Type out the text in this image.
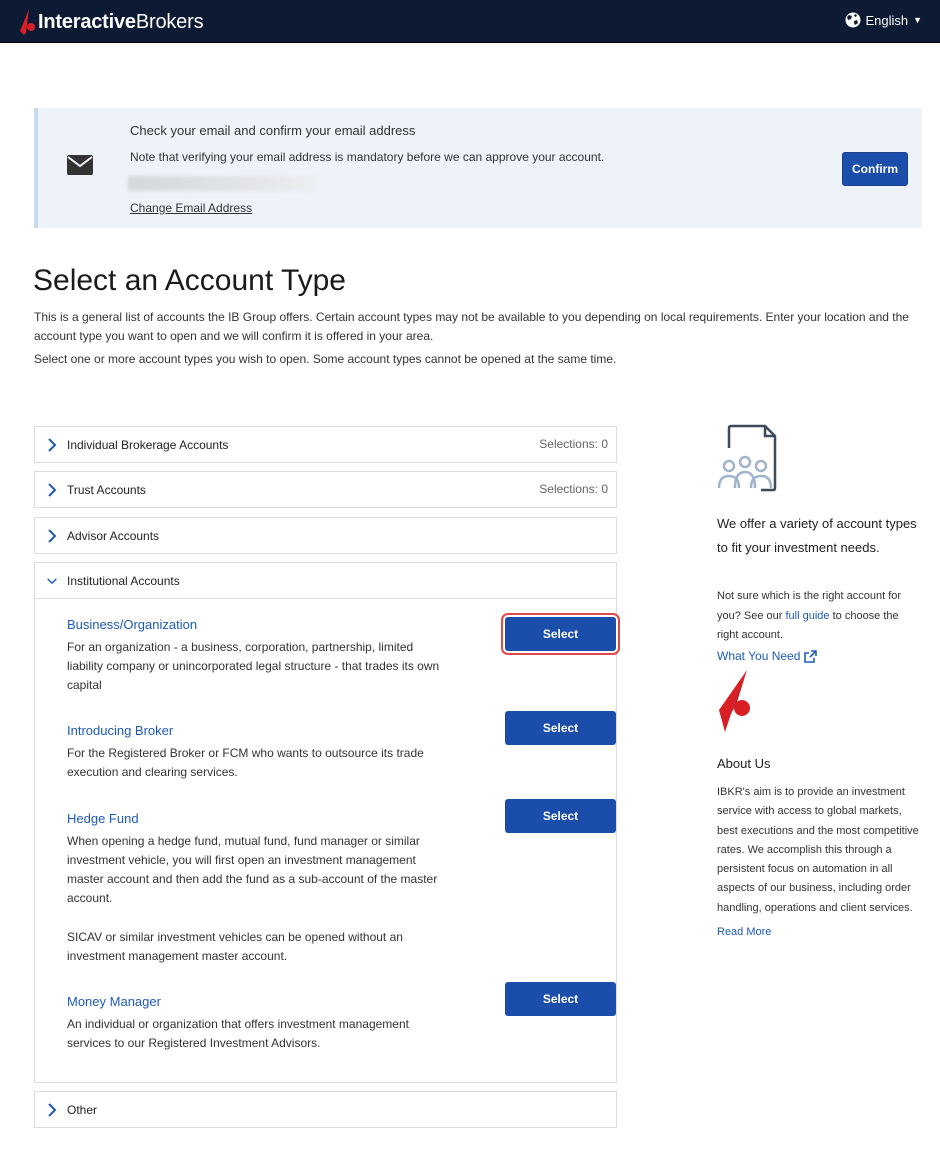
InteractiveBrokers	English ▼
Check your email and confirm your email address
Note that verifying your email address is mandatory before we can approve your account.
Change Email Address
Confirm
Select an Account Type

This is a general list of accounts the IB Group offers. Certain account types may not be available to you depending on local requirements. Enter your location and the account type you want to open and we will confirm it is offered in your area.

Select one or more account types you wish to open. Some account types cannot be opened at the same time.

Individual Brokerage Accounts	Selections: 0
Trust Accounts	Selections: 0
Advisor Accounts
Institutional Accounts
Business/Organization
For an organization - a business, corporation, partnership, limited liability company or unincorporated legal structure - that trades its own capital
Select
Introducing Broker
For the Registered Broker or FCM who wants to outsource its trade execution and clearing services.
Select
Hedge Fund
When opening a hedge fund, mutual fund, fund manager or similar investment vehicle, you will first open an investment management master account and then add the fund as a sub-account of the master account.
SICAV or similar investment vehicles can be opened without an investment management master account.
Select
Money Manager
An individual or organization that offers investment management services to our Registered Investment Advisors.
Select
Other
We offer a variety of account types to fit your investment needs.
Not sure which is the right account for you? See our full guide to choose the right account.
What You Need
About Us
IBKR's aim is to provide an investment service with access to global markets, best executions and the most competitive rates. We accomplish this through a persistent focus on automation in all aspects of our business, including order handling, operations and client services.
Read More
